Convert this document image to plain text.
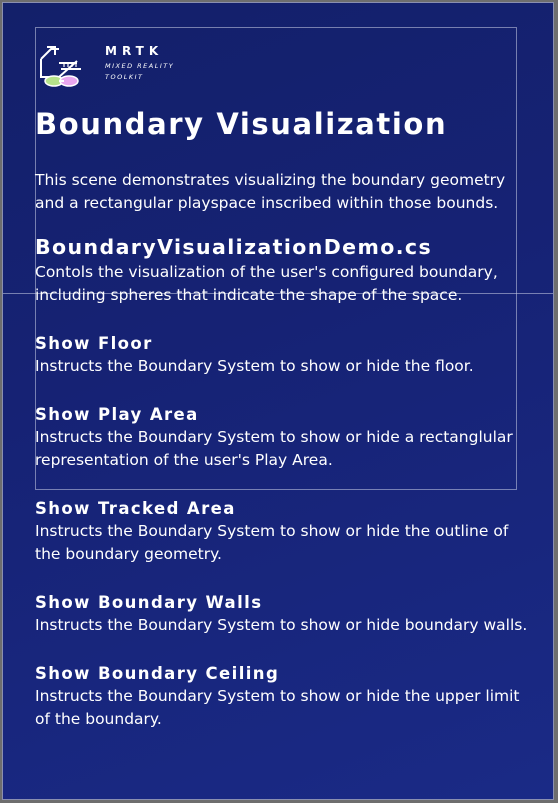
MRTK
MIXED REALITY
TOOLKIT
Boundary Visualization

This scene demonstrates visualizing the boundary geometry and a rectangular playspace inscribed within those bounds.

BoundaryVisualizationDemo.cs

Contols the visualization of the user's configured boundary, including spheres that indicate the shape of the space.

Show Floor

Instructs the Boundary System to show or hide the floor.

Show Play Area

Instructs the Boundary System to show or hide a rectanglular representation of the user's Play Area.

Show Tracked Area

Instructs the Boundary System to show or hide the outline of the boundary geometry.

Show Boundary Walls

Instructs the Boundary System to show or hide boundary walls.

Show Boundary Ceiling

Instructs the Boundary System to show or hide the upper limit of the boundary.
